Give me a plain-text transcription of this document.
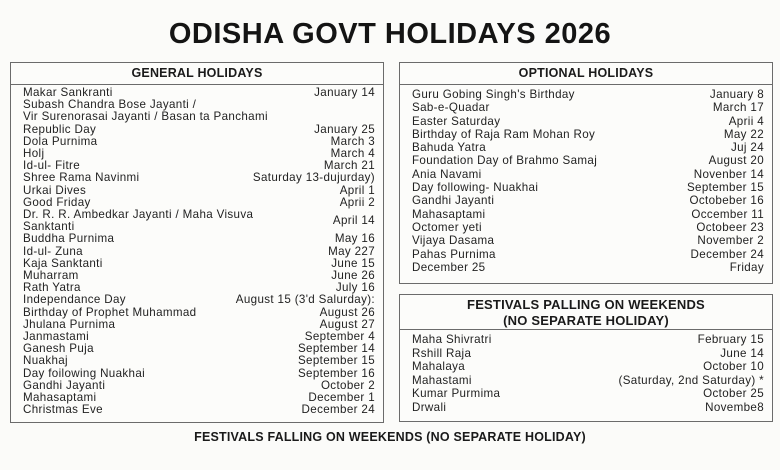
ODISHA GOVT HOLIDAYS 2026
GENERAL HOLIDAYS
Makar Sankranti	January 14
Subash Chandra Bose Jayanti /
Vir Surenorasai Jayanti / Basan ta Panchami
Republic Day	January 25
Dola Purnima	March 3
Holj	March 4
Id-ul- Fitre	March 21
Shree Rama Navinmi	Saturday 13-dujurday)
Urkai Dives	April 1
Good Friday	Aprii 2
Dr. R. R. Ambedkar Jayanti / Maha Visuva Sanktanti	April 14
Buddha Purnima	May 16
Id-ul- Zuna	May 227
Kaja Sanktanti	June 15
Muharram	June 26
Rath Yatra	July 16
Independance Day	August 15 (3'd Salurday):
Birthday of Prophet Muhammad	August 26
Jhulana Purnima	August 27
Janmastami	September 4
Ganesh Puja	September 14
Nuakhaj	September 15
Day foilowing Nuakhai	September 16
Gandhi Jayanti	October 2
Mahasaptami	December 1
Christmas Eve	December 24
OPTIONAL HOLIDAYS
Guru Gobing Singh's Birthday	January 8
Sab-e-Quadar	March 17
Easter Saturday	Aprii 4
Birthday of Raja Ram Mohan Roy	May 22
Bahuda Yatra	Juj 24
Foundation Day of Brahmo Samaj	August 20
Ania Navami	Novenber 14
Day following- Nuakhai	September 15
Gandhi Jayanti	Octobeber 16
Mahasaptami	Occember 11
Octomer yeti	Octobeer 23
Vijaya Dasama	November 2
Pahas Purnima	December 24
December 25	Friday
FESTIVALS PALLING ON WEEKENDS
(NO SEPARATE HOLIDAY)
Maha Shivratri	February 15
Rshill Raja	June 14
Mahalaya	October 10
Mahastami	(Saturday, 2nd Saturday) *
Kumar Purmima	October 25
Drwali	Novembe8
FESTIVALS FALLING ON WEEKENDS (NO SEPARATE HOLIDAY)
